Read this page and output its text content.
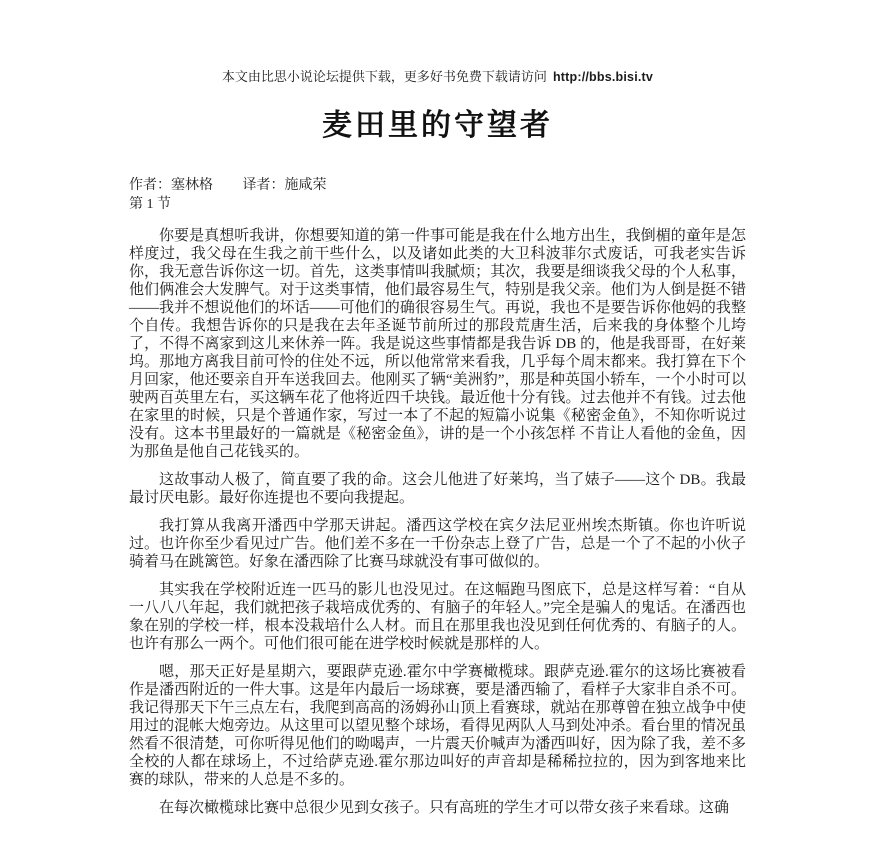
本文由比思小说论坛提供下载，更多好书免费下载请访问 http://bbs.bisi.tv
麦田里的守望者
作者：塞林格 译者：施咸荣
第 1 节

你要是真想听我讲，你想要知道的第一件事可能是我在什么地方出生，我倒楣的童年是怎样度过，我父母在生我之前干些什么，以及诸如此类的大卫科波菲尔式废话，可我老实告诉你，我无意告诉你这一切。首先，这类事情叫我腻烦；其次，我要是细谈我父母的个人私事，他们俩准会大发脾气。对于这类事情，他们最容易生气，特别是我父亲。他们为人倒是挺不错——我并不想说他们的坏话——可他们的确很容易生气。再说，我也不是要告诉你他妈的我整个自传。我想告诉你的只是我在去年圣诞节前所过的那段荒唐生活，后来我的身体整个儿垮了，不得不离家到这儿来休养一阵。我是说这些事情都是我告诉 DB 的，他是我哥哥，在好莱坞。那地方离我目前可怜的住处不远，所以他常常来看我，几乎每个周末都来。我打算在下个月回家，他还要亲自开车送我回去。他刚买了辆“美洲豹”，那是种英国小轿车，一个小时可以驶两百英里左右，买这辆车花了他将近四千块钱。最近他十分有钱。过去他并不有钱。过去他在家里的时候，只是个普通作家，写过一本了不起的短篇小说集《秘密金鱼》，不知你听说过没有。这本书里最好的一篇就是《秘密金鱼》，讲的是一个小孩怎样 不肯让人看他的金鱼，因为那鱼是他自己花钱买的。

这故事动人极了，简直要了我的命。这会儿他进了好莱坞，当了婊子——这个 DB。我最最讨厌电影。最好你连提也不要向我提起。

我打算从我离开潘西中学那天讲起。潘西这学校在宾夕法尼亚州埃杰斯镇。你也许听说过。也许你至少看见过广告。他们差不多在一千份杂志上登了广告，总是一个了不起的小伙子骑着马在跳篱笆。好象在潘西除了比赛马球就没有事可做似的。

其实我在学校附近连一匹马的影儿也没见过。在这幅跑马图底下，总是这样写着：“自从一八八八年起，我们就把孩子栽培成优秀的、有脑子的年轻人。”完全是骗人的鬼话。在潘西也象在别的学校一样，根本没栽培什么人材。而且在那里我也没见到任何优秀的、有脑子的人。也许有那么一两个。可他们很可能在进学校时候就是那样的人。

嗯，那天正好是星期六，要跟萨克逊.霍尔中学赛橄榄球。跟萨克逊.霍尔的这场比赛被看作是潘西附近的一件大事。这是年内最后一场球赛，要是潘西输了，看样子大家非自杀不可。我记得那天下午三点左右，我爬到高高的汤姆孙山顶上看赛球，就站在那尊曾在独立战争中使用过的混帐大炮旁边。从这里可以望见整个球场，看得见两队人马到处冲杀。看台里的情况虽然看不很清楚，可你听得见他们的呦喝声，一片震天价喊声为潘西叫好，因为除了我，差不多全校的人都在球场上，不过给萨克逊.霍尔那边叫好的声音却是稀稀拉拉的，因为到客地来比赛的球队，带来的人总是不多的。

在每次橄榄球比赛中总很少见到女孩子。只有高班的学生才可以带女孩子来看球。这确
